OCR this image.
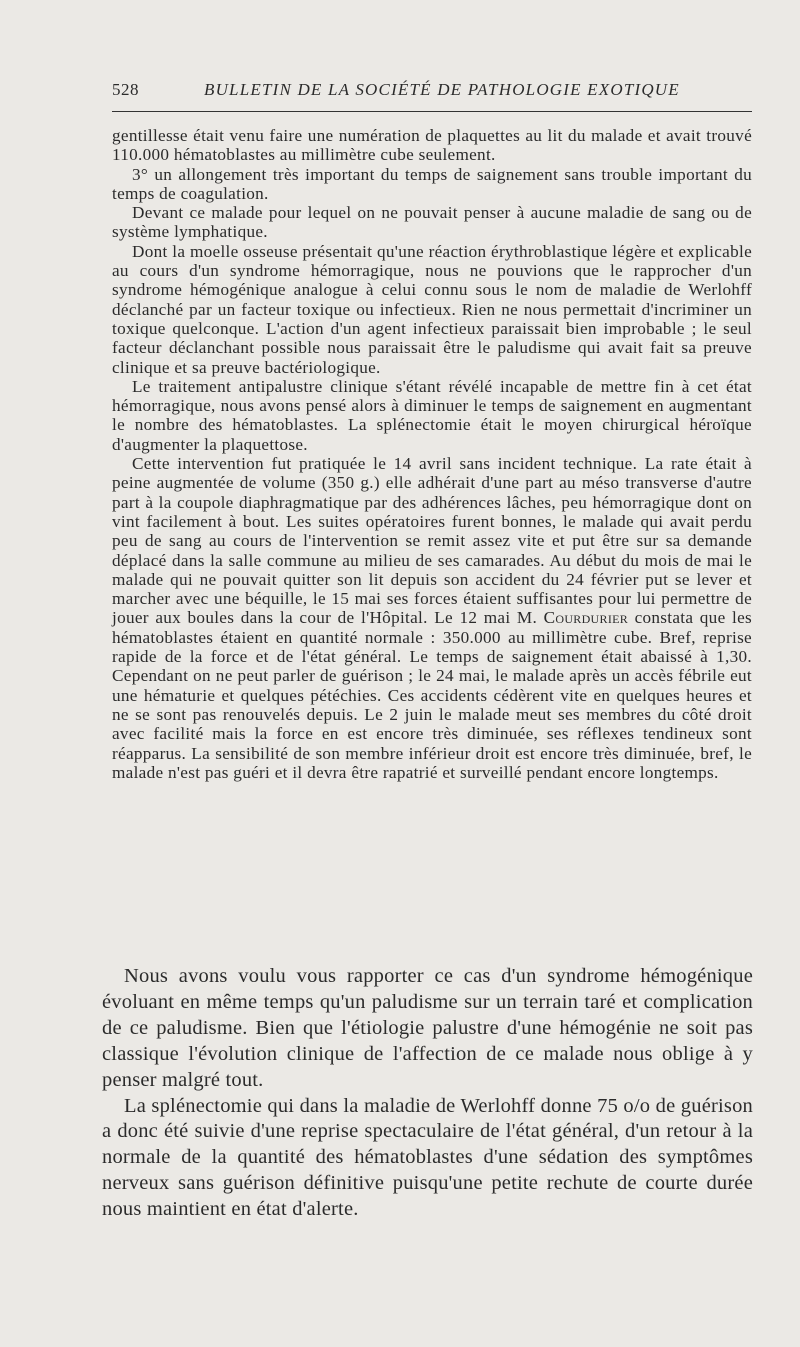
528	BULLETIN DE LA SOCIÉTÉ DE PATHOLOGIE EXOTIQUE

gentillesse était venu faire une numération de plaquettes au lit du malade et avait trouvé 110.000 hématoblastes au millimètre cube seulement.

3° un allongement très important du temps de saignement sans trouble important du temps de coagulation.

Devant ce malade pour lequel on ne pouvait penser à aucune maladie de sang ou de système lymphatique.

Dont la moelle osseuse présentait qu'une réaction érythroblastique légère et explicable au cours d'un syndrome hémorragique, nous ne pouvions que le rapprocher d'un syndrome hémogénique analogue à celui connu sous le nom de maladie de Werlohff déclanché par un facteur toxique ou infectieux. Rien ne nous permettait d'incriminer un toxique quelconque. L'action d'un agent infectieux paraissait bien improbable ; le seul facteur déclanchant possible nous paraissait être le paludisme qui avait fait sa preuve clinique et sa preuve bactériologique.

Le traitement antipalustre clinique s'étant révélé incapable de mettre fin à cet état hémorragique, nous avons pensé alors à diminuer le temps de saignement en augmentant le nombre des hématoblastes. La splénectomie était le moyen chirurgical héroïque d'augmenter la plaquettose.

Cette intervention fut pratiquée le 14 avril sans incident technique. La rate était à peine augmentée de volume (350 g.) elle adhérait d'une part au méso transverse d'autre part à la coupole diaphragmatique par des adhérences lâches, peu hémorragique dont on vint facilement à bout. Les suites opératoires furent bonnes, le malade qui avait perdu peu de sang au cours de l'intervention se remit assez vite et put être sur sa demande déplacé dans la salle commune au milieu de ses camarades. Au début du mois de mai le malade qui ne pouvait quitter son lit depuis son accident du 24 février put se lever et marcher avec une béquille, le 15 mai ses forces étaient suffisantes pour lui permettre de jouer aux boules dans la cour de l'Hôpital. Le 12 mai M. Courdurier constata que les hématoblastes étaient en quantité normale : 350.000 au millimètre cube. Bref, reprise rapide de la force et de l'état général. Le temps de saignement était abaissé à 1,30. Cependant on ne peut parler de guérison ; le 24 mai, le malade après un accès fébrile eut une hématurie et quelques pétéchies. Ces accidents cédèrent vite en quelques heures et ne se sont pas renouvelés depuis. Le 2 juin le malade meut ses membres du côté droit avec facilité mais la force en est encore très diminuée, ses réflexes tendineux sont réapparus. La sensibilité de son membre inférieur droit est encore très diminuée, bref, le malade n'est pas guéri et il devra être rapatrié et surveillé pendant encore longtemps.

Nous avons voulu vous rapporter ce cas d'un syndrome hémogénique évoluant en même temps qu'un paludisme sur un terrain taré et complication de ce paludisme. Bien que l'étiologie palustre d'une hémogénie ne soit pas classique l'évolution clinique de l'affection de ce malade nous oblige à y penser malgré tout.

La splénectomie qui dans la maladie de Werlohff donne 75 o/o de guérison a donc été suivie d'une reprise spectaculaire de l'état général, d'un retour à la normale de la quantité des hématoblastes d'une sédation des symptômes nerveux sans guérison définitive puisqu'une petite rechute de courte durée nous maintient en état d'alerte.
